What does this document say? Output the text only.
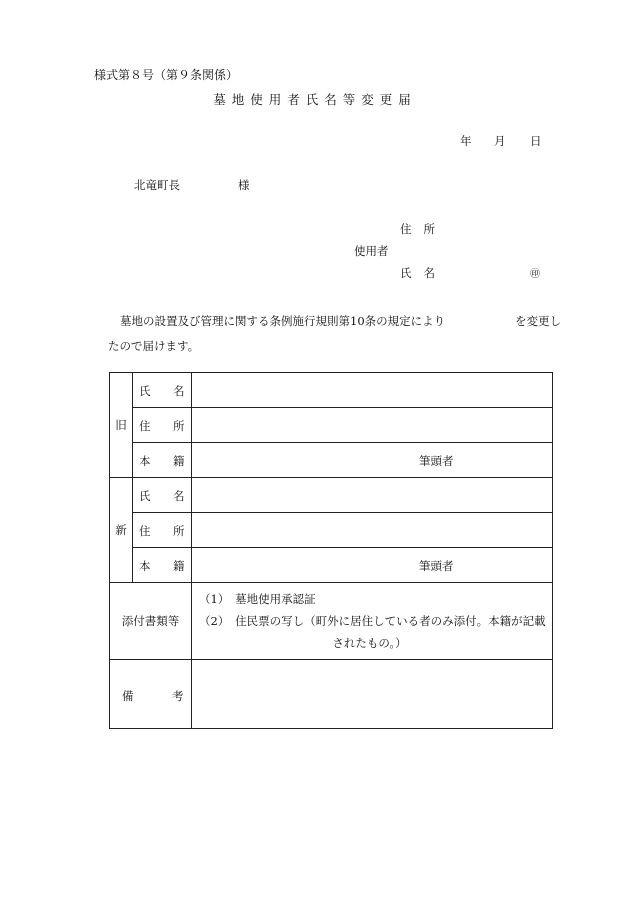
様式第８号（第９条関係）
墓地使用者氏名等変更届
年 月 日
北竜町長	様
住所
使用者
氏名	㊞
墓地の設置及び管理に関する条例施行規則第10条の規定により	を変更したので届けます。
旧	氏 名	

	住 所	

	本 籍	筆頭者

新	氏 名	

	住 所	

	本 籍	筆頭者

添付書類等		（1）　墓地使用承認証
（2）　住民票の写し（町外に居住している者のみ添付。本籍が記載
されたもの。）

備 考		
